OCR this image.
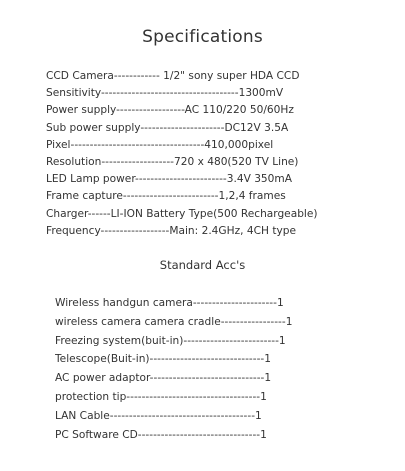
Specifications
CCD Camera------------ 1/2" sony super HDA CCD
Sensitivity------------------------------------1300mV
Power supply------------------AC 110/220 50/60Hz
Sub power supply----------------------DC12V 3.5A
Pixel-----------------------------------410,000pixel
Resolution-------------------720 x 480(520 TV Line)
LED Lamp power------------------------3.4V 350mA
Frame capture-------------------------1,2,4 frames
Charger------LI-ION Battery Type(500 Rechargeable)
Frequency------------------Main: 2.4GHz, 4CH type
Standard Acc's
Wireless handgun camera----------------------1
wireless camera camera cradle-----------------1
Freezing system(buit-in)-------------------------1
Telescope(Buit-in)------------------------------1
AC power adaptor------------------------------1
protection tip-----------------------------------1
LAN Cable--------------------------------------1
PC Software CD--------------------------------1
